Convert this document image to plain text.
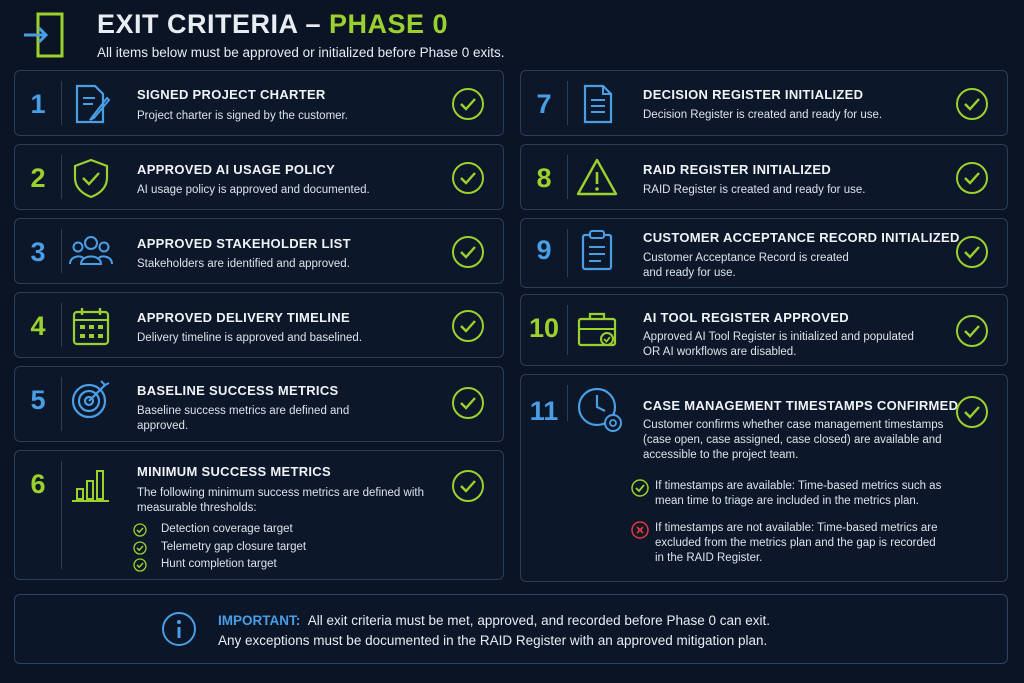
EXIT CRITERIA – PHASE 0
All items below must be approved or initialized before Phase 0 exits.
1	SIGNED PROJECT CHARTER
Project charter is signed by the customer.
2	APPROVED AI USAGE POLICY
AI usage policy is approved and documented.
3	APPROVED STAKEHOLDER LIST
Stakeholders are identified and approved.
4	APPROVED DELIVERY TIMELINE
Delivery timeline is approved and baselined.
5	BASELINE SUCCESS METRICS
Baseline success metrics are defined and
approved.
6	MINIMUM SUCCESS METRICS
The following minimum success metrics are defined with
measurable thresholds:
Detection coverage target
Telemetry gap closure target
Hunt completion target
7	DECISION REGISTER INITIALIZED
Decision Register is created and ready for use.
8	RAID REGISTER INITIALIZED
RAID Register is created and ready for use.
9	CUSTOMER ACCEPTANCE RECORD INITIALIZED
Customer Acceptance Record is created
and ready for use.
10	AI TOOL REGISTER APPROVED
Approved AI Tool Register is initialized and populated
OR AI workflows are disabled.
11	CASE MANAGEMENT TIMESTAMPS CONFIRMED
Customer confirms whether case management timestamps
(case open, case assigned, case closed) are available and
accessible to the project team.
If timestamps are available: Time-based metrics such as
mean time to triage are included in the metrics plan.
If timestamps are not available: Time-based metrics are
excluded from the metrics plan and the gap is recorded
in the RAID Register.
IMPORTANT: All exit criteria must be met, approved, and recorded before Phase 0 can exit.
Any exceptions must be documented in the RAID Register with an approved mitigation plan.
